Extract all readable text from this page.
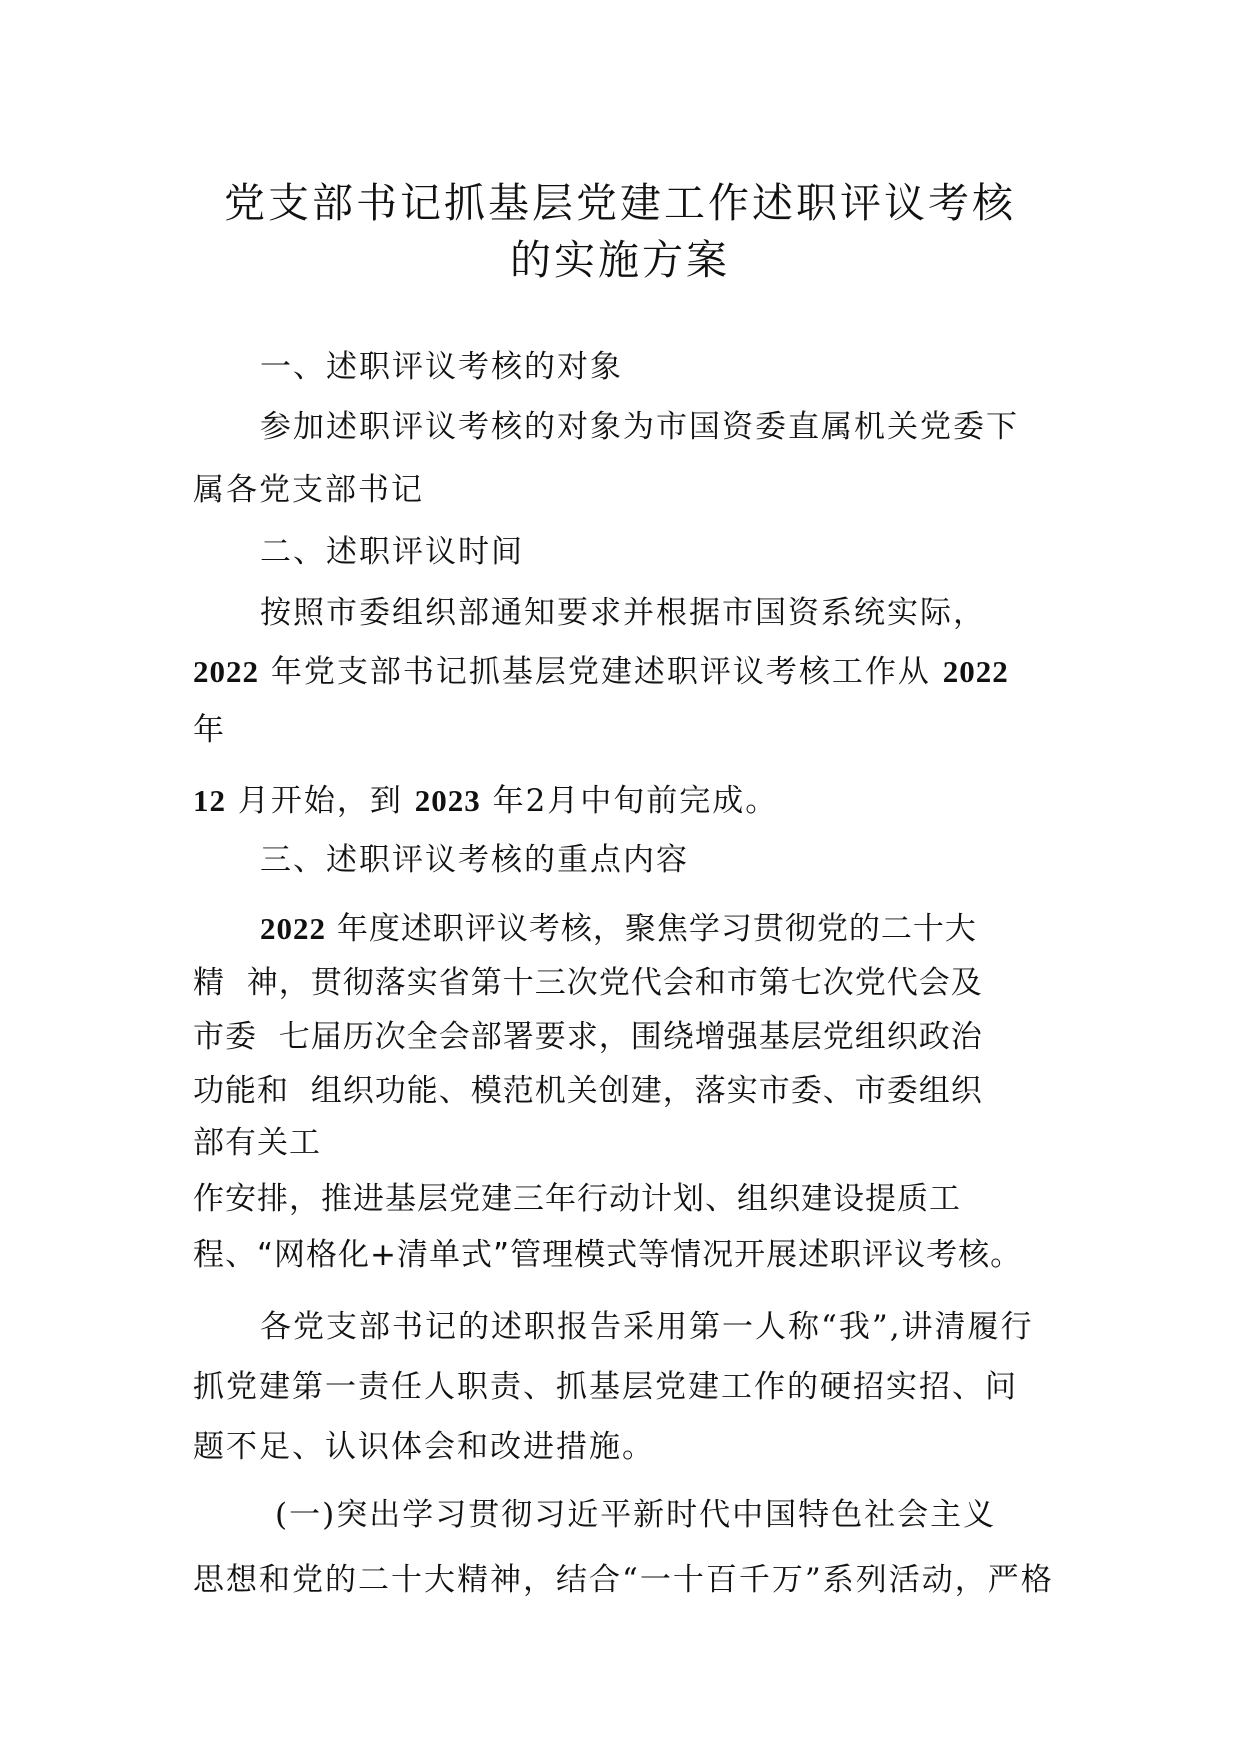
党支部书记抓基层党建工作述职评议考核
的实施方案
一、述职评议考核的对象
参加述职评议考核的对象为市国资委直属机关党委下
属各党支部书记
二、述职评议时间
按照市委组织部通知要求并根据市国资系统实际，
2022 年党支部书记抓基层党建述职评议考核工作从 2022
年
12 月开始，到 2023 年2月中旬前完成。
三、述职评议考核的重点内容
2022 年度述职评议考核，聚焦学习贯彻党的二十大
精  神，贯彻落实省第十三次党代会和市第七次党代会及
市委  七届历次全会部署要求，围绕增强基层党组织政治
功能和  组织功能、模范机关创建，落实市委、市委组织
部有关工
作安排，推进基层党建三年行动计划、组织建设提质工
程、“网格化+清单式”管理模式等情况开展述职评议考核。
各党支部书记的述职报告采用第一人称“我”,讲清履行
抓党建第一责任人职责、抓基层党建工作的硬招实招、问
题不足、认识体会和改进措施。
(一)突出学习贯彻习近平新时代中国特色社会主义
思想和党的二十大精神，结合“一十百千万”系列活动，严格
